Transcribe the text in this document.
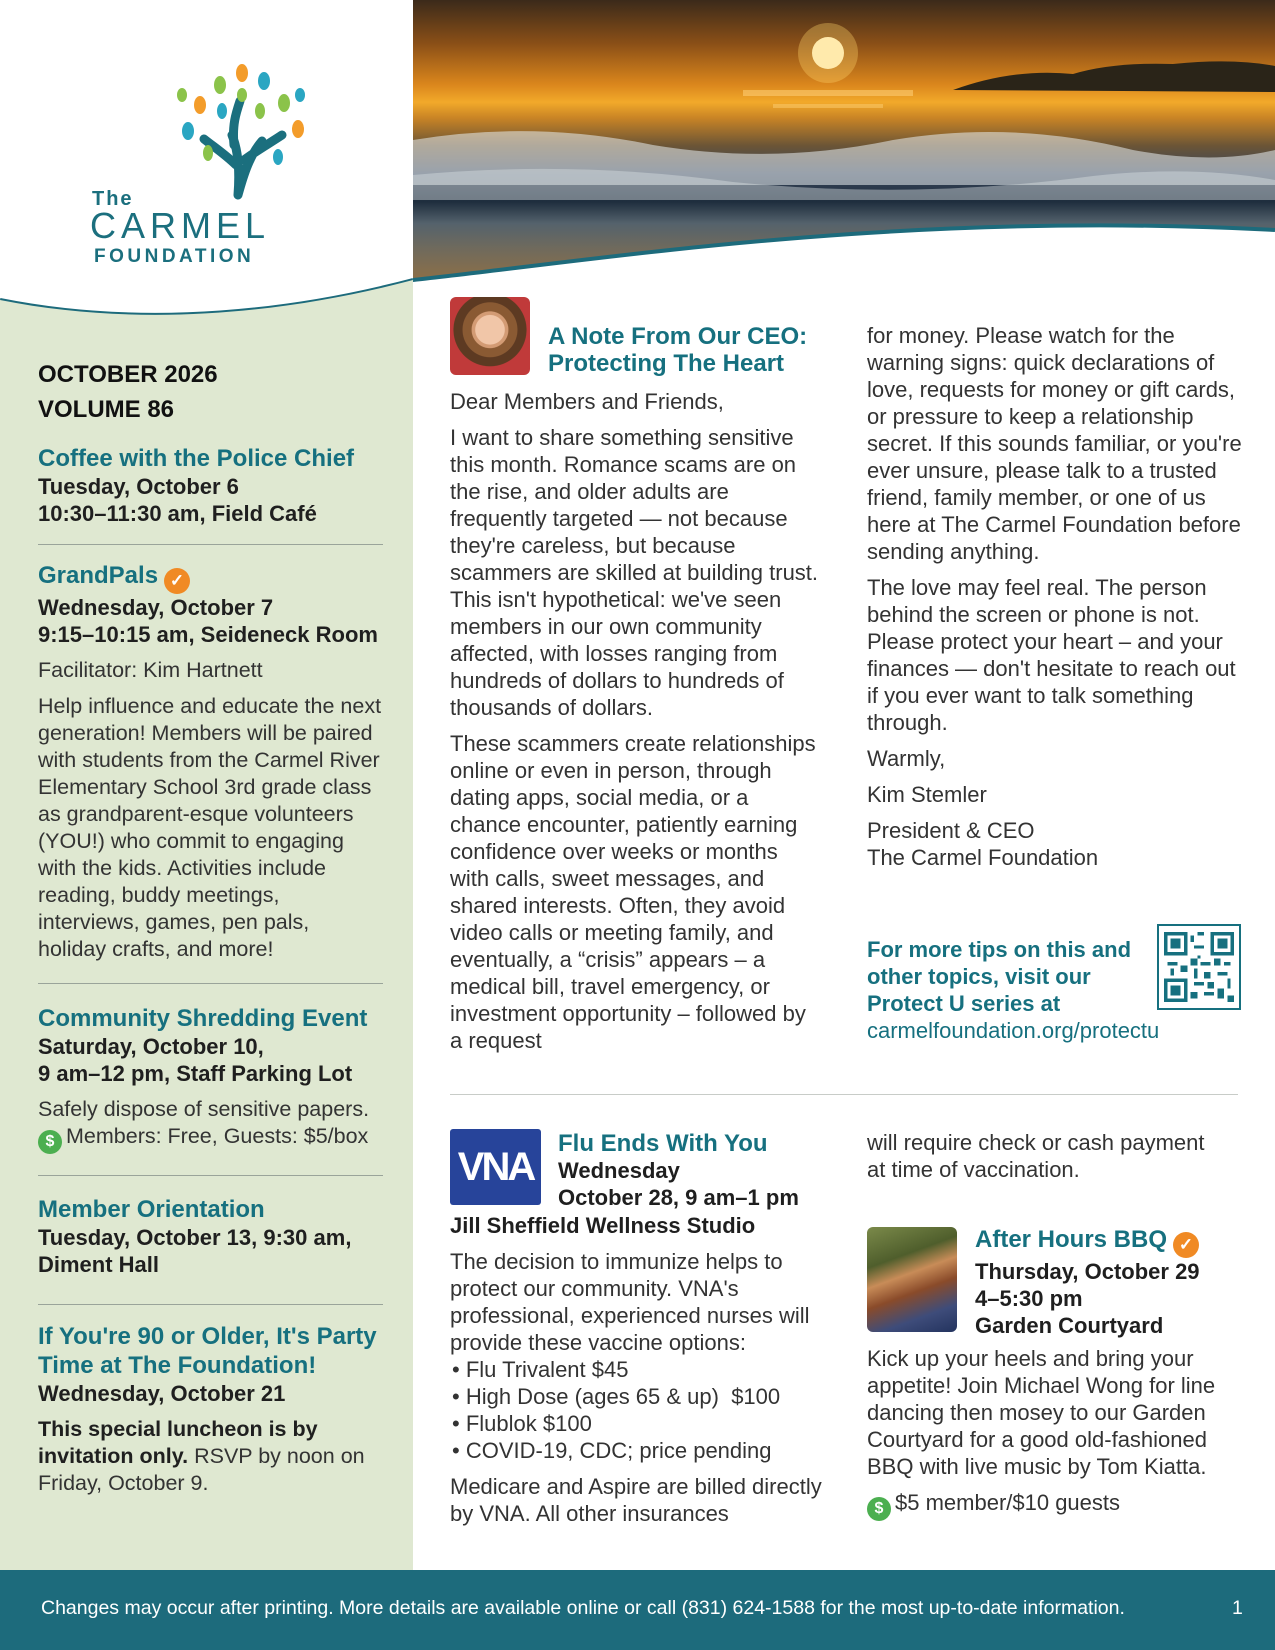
The
CARMEL
FOUNDATION
OCTOBER 2026
VOLUME 86
Coffee with the Police Chief
Tuesday, October 6
10:30–11:30 am, Field Café
GrandPals ✓
Wednesday, October 7
9:15–10:15 am, Seideneck Room
Facilitator: Kim Hartnett
Help influence and educate the next generation! Members will be paired with students from the Carmel River Elementary School 3rd grade class as grandparent-esque volunteers (YOU!) who commit to engaging with the kids. Activities include reading, buddy meetings, interviews, games, pen pals, holiday crafts, and more!
Community Shredding Event
Saturday, October 10,
9 am–12 pm, Staff Parking Lot
Safely dispose of sensitive papers.
$ Members: Free, Guests: $5/box
Member Orientation
Tuesday, October 13, 9:30 am,
Diment Hall
If You're 90 or Older, It's Party
Time at The Foundation!
Wednesday, October 21
This special luncheon is by invitation only. RSVP by noon on Friday, October 9.
A Note From Our CEO:
Protecting The Heart

Dear Members and Friends,

I want to share something sensitive this month. Romance scams are on the rise, and older adults are frequently targeted — not because they're careless, but because scammers are skilled at building trust. This isn't hypothetical: we've seen members in our own community affected, with losses ranging from hundreds of dollars to hundreds of thousands of dollars.

These scammers create relationships online or even in person, through dating apps, social media, or a chance encounter, patiently earning confidence over weeks or months with calls, sweet messages, and shared interests. Often, they avoid video calls or meeting family, and eventually, a “crisis” appears – a medical bill, travel emergency, or investment opportunity – followed by a request

for money. Please watch for the warning signs: quick declarations of love, requests for money or gift cards, or pressure to keep a relationship secret. If this sounds familiar, or you're ever unsure, please talk to a trusted friend, family member, or one of us here at The Carmel Foundation before sending anything.

The love may feel real. The person behind the screen or phone is not. Please protect your heart – and your finances — don't hesitate to reach out if you ever want to talk something through.

Warmly,

Kim Stemler

President & CEO
The Carmel Foundation
For more tips on this and
other topics, visit our
Protect U series at
carmelfoundation.org/protectu
VNA
Flu Ends With You
Wednesday
October 28, 9 am–1 pm
Jill Sheffield Wellness Studio
The decision to immunize helps to protect our community. VNA's professional, experienced nurses will provide these vaccine options:
• Flu Trivalent $45
• High Dose (ages 65 & up)  $100
• Flublok $100
• COVID-19, CDC; price pending
Medicare and Aspire are billed directly by VNA. All other insurances
will require check or cash payment at time of vaccination.
After Hours BBQ ✓
Thursday, October 29
4–5:30 pm
Garden Courtyard
Kick up your heels and bring your appetite! Join Michael Wong for line dancing then mosey to our Garden Courtyard for a good old-fashioned BBQ with live music by Tom Kiatta.
$ $5 member/$10 guests
Changes may occur after printing. More details are available online or call (831) 624-1588 for the most up-to-date information.	1
